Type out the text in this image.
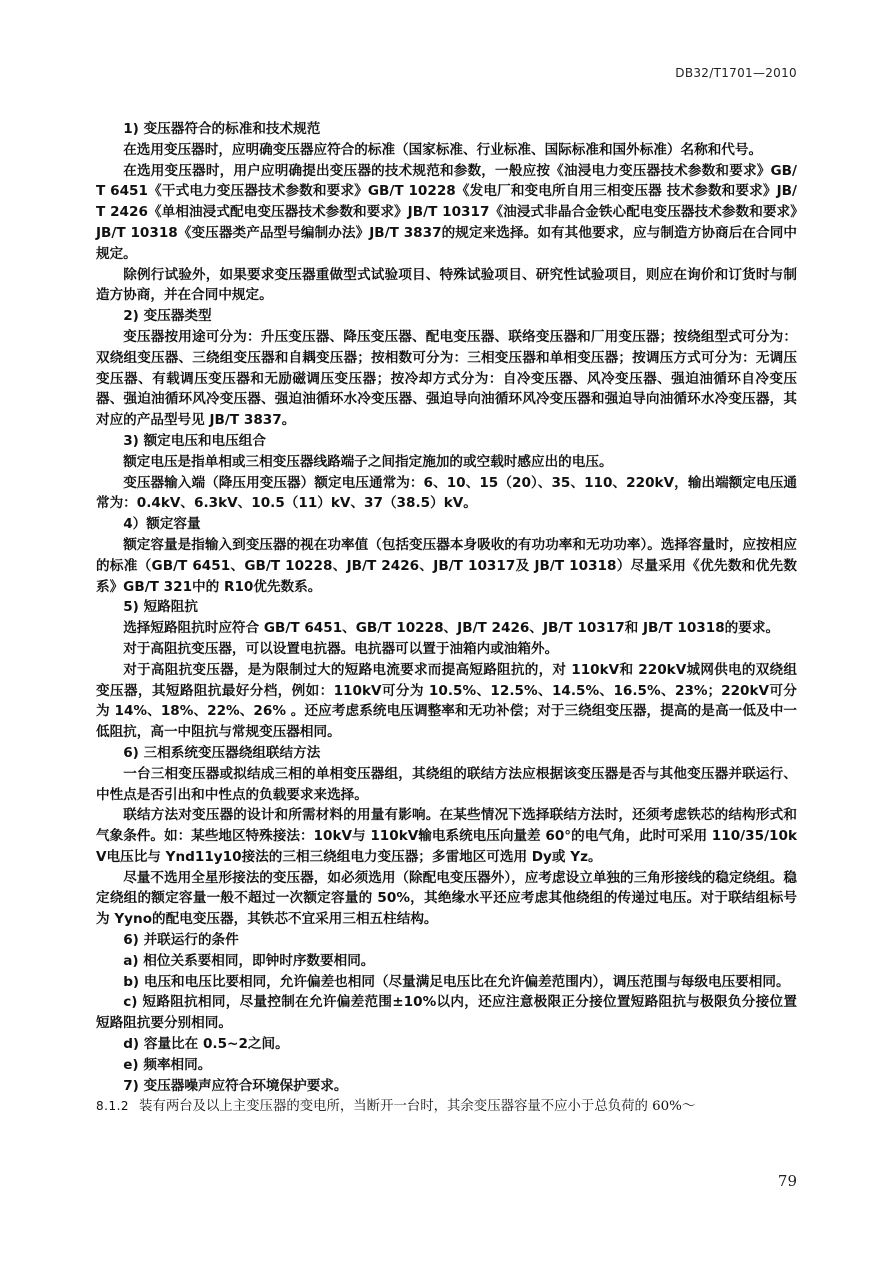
DB32/T1701—2010

1) 变压器符合的标准和技术规范

在选用变压器时，应明确变压器应符合的标准（国家标准、行业标准、国际标准和国外标准）名称和代号。

在选用变压器时，用户应明确提出变压器的技术规范和参数，一般应按《油浸电力变压器技术参数和要求》GB/T 6451《干式电力变压器技术参数和要求》GB/T 10228《发电厂和变电所自用三相变压器 技术参数和要求》JB/T 2426《单相油浸式配电变压器技术参数和要求》JB/T 10317《油浸式非晶合金铁心配电变压器技术参数和要求》JB/T 10318《变压器类产品型号编制办法》JB/T 3837的规定来选择。如有其他要求，应与制造方协商后在合同中规定。

除例行试验外，如果要求变压器重做型式试验项目、特殊试验项目、研究性试验项目，则应在询价和订货时与制造方协商，并在合同中规定。

2) 变压器类型

变压器按用途可分为：升压变压器、降压变压器、配电变压器、联络变压器和厂用变压器；按绕组型式可分为：双绕组变压器、三绕组变压器和自耦变压器；按相数可分为：三相变压器和单相变压器；按调压方式可分为：无调压变压器、有载调压变压器和无励磁调压变压器；按冷却方式分为：自冷变压器、风冷变压器、强迫油循环自冷变压器、强迫油循环风冷变压器、强迫油循环水冷变压器、强迫导向油循环风冷变压器和强迫导向油循环水冷变压器，其对应的产品型号见 JB/T 3837。

3) 额定电压和电压组合

额定电压是指单相或三相变压器线路端子之间指定施加的或空载时感应出的电压。

变压器输入端（降压用变压器）额定电压通常为：6、10、15（20）、35、110、220kV，输出端额定电压通常为：0.4kV、6.3kV、10.5（11）kV、37（38.5）kV。

4）额定容量

额定容量是指输入到变压器的视在功率值（包括变压器本身吸收的有功功率和无功功率）。选择容量时，应按相应的标准（GB/T 6451、GB/T 10228、JB/T 2426、JB/T 10317及 JB/T 10318）尽量采用《优先数和优先数系》GB/T 321中的 R10优先数系。

5) 短路阻抗

选择短路阻抗时应符合 GB/T 6451、GB/T 10228、JB/T 2426、JB/T 10317和 JB/T 10318的要求。

对于高阻抗变压器，可以设置电抗器。电抗器可以置于油箱内或油箱外。

对于高阻抗变压器，是为限制过大的短路电流要求而提高短路阻抗的，对 110kV和 220kV城网供电的双绕组变压器，其短路阻抗最好分档，例如：110kV可分为 10.5%、12.5%、14.5%、16.5%、23%；220kV可分为 14%、18%、22%、26% 。还应考虑系统电压调整率和无功补偿；对于三绕组变压器，提高的是高一低及中一低阻抗，高一中阻抗与常规变压器相同。

6) 三相系统变压器绕组联结方法

一台三相变压器或拟结成三相的单相变压器组，其绕组的联结方法应根据该变压器是否与其他变压器并联运行、中性点是否引出和中性点的负载要求来选择。

联结方法对变压器的设计和所需材料的用量有影响。在某些情况下选择联结方法时，还须考虑铁芯的结构形式和气象条件。如：某些地区特殊接法：10kV与 110kV输电系统电压向量差 60°的电气角，此时可采用 110/35/10kV电压比与 Ynd11y10接法的三相三绕组电力变压器；多雷地区可选用 Dy或 Yz。

尽量不选用全星形接法的变压器，如必须选用（除配电变压器外），应考虑设立单独的三角形接线的稳定绕组。稳定绕组的额定容量一般不超过一次额定容量的 50%，其绝缘水平还应考虑其他绕组的传递过电压。对于联结组标号为 Yyno的配电变压器，其铁芯不宜采用三相五柱结构。

6) 并联运行的条件

a) 相位关系要相同，即钟时序数要相同。

b) 电压和电压比要相同，允许偏差也相同（尽量满足电压比在允许偏差范围内），调压范围与每级电压要相同。

c) 短路阻抗相同，尽量控制在允许偏差范围±10%以内，还应注意极限正分接位置短路阻抗与极限负分接位置短路阻抗要分别相同。

d) 容量比在 0.5~2之间。

e) 频率相同。

7) 变压器噪声应符合环境保护要求。

8.1.2 装有两台及以上主变压器的变电所，当断开一台时，其余变压器容量不应小于总负荷的 60%～

79
